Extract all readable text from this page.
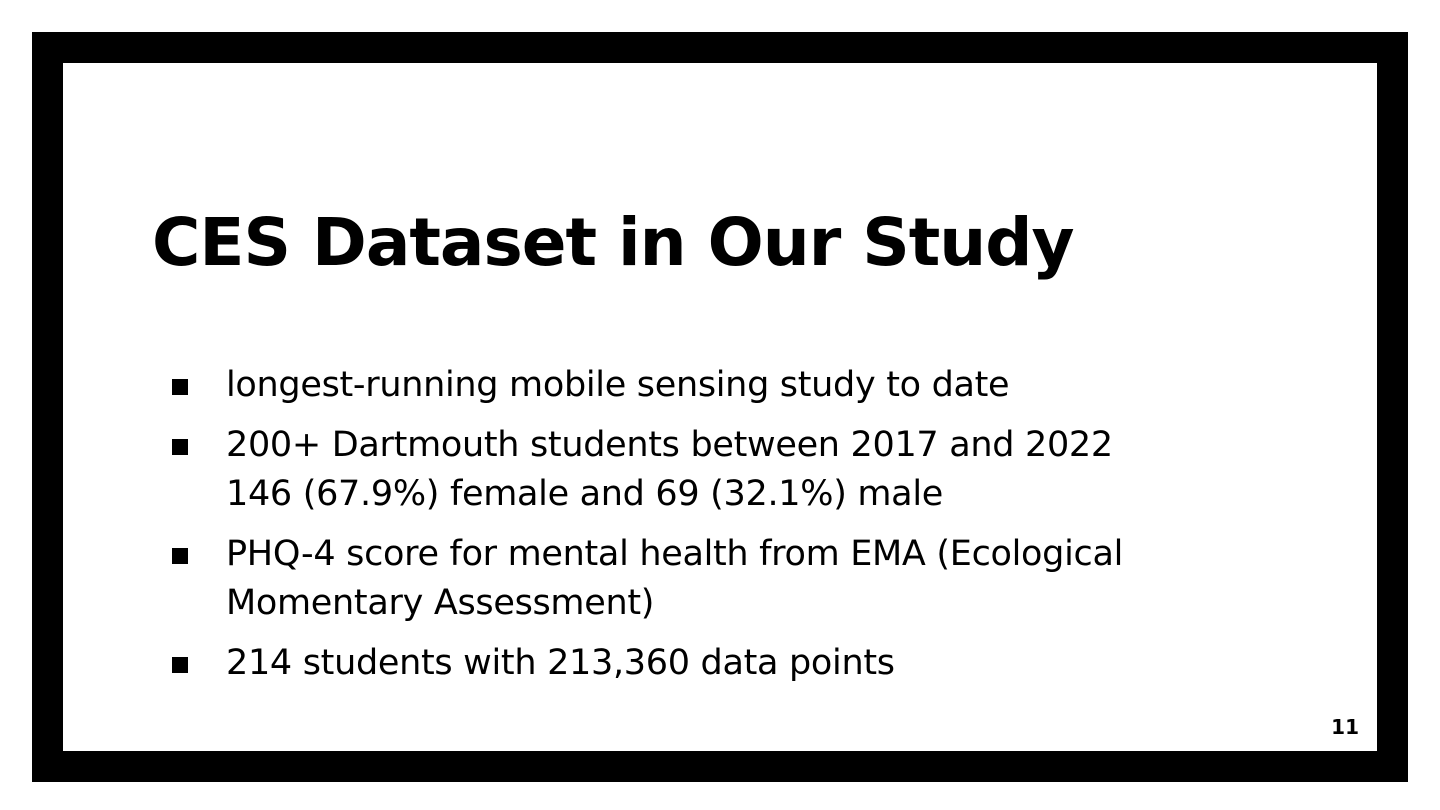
CES Dataset in Our Study
longest-running mobile sensing study to date
200+ Dartmouth students between 2017 and 2022
146 (67.9%) female and 69 (32.1%) male
PHQ-4 score for mental health from EMA (Ecological
Momentary Assessment)
214 students with 213,360 data points
11
